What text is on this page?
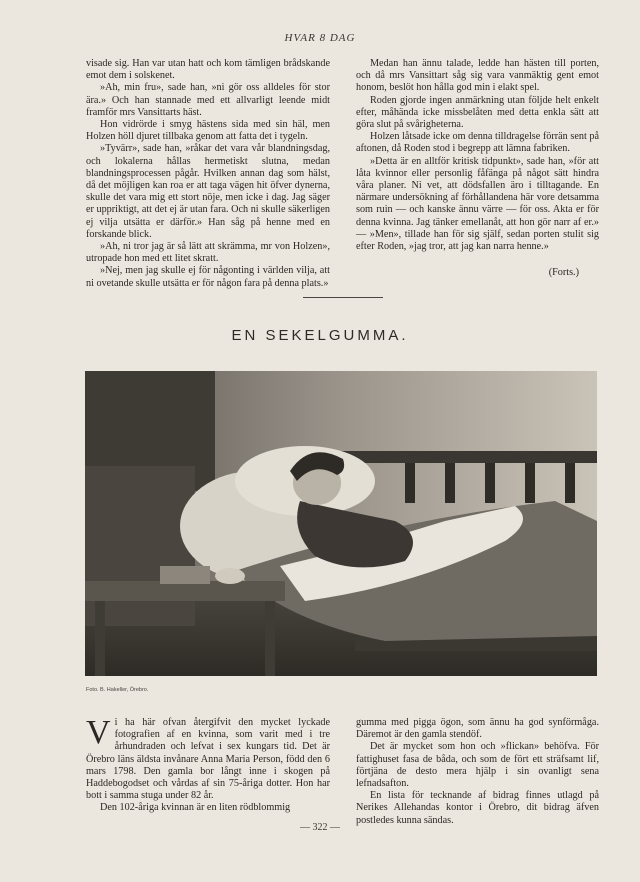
HVAR 8 DAG

visade sig. Han var utan hatt och kom tämligen brådskande emot dem i solskenet.

»Ah, min fru», sade han, »ni gör oss alldeles för stor ära.» Och han stannade med ett allvarligt leende midt framför mrs Vansittarts häst.

Hon vidrörde i smyg hästens sida med sin häl, men Holzen höll djuret tillbaka genom att fatta det i tygeln.

»Tyvärr», sade han, »råkar det vara vår blandningsdag, och lokalerna hållas hermetiskt slutna, medan blandningsprocessen pågår. Hvilken annan dag som hälst, då det möjligen kan roa er att taga vägen hit öfver dynerna, skulle det vara mig ett stort nöje, men icke i dag. Jag säger er uppriktigt, att det ej är utan fara. Och ni skulle säkerligen ej vilja utsätta er därför.» Han såg på henne med en forskande blick.

»Ah, ni tror jag är så lätt att skrämma, mr von Holzen», utropade hon med ett litet skratt.

»Nej, men jag skulle ej för någonting i världen vilja, att ni ovetande skulle utsätta er för någon fara på denna plats.»

Medan han ännu talade, ledde han hästen till porten, och då mrs Vansittart såg sig vara vanmäktig gent emot honom, beslöt hon hålla god min i elakt spel.

Roden gjorde ingen anmärkning utan följde helt enkelt efter, måhända icke missbelåten med detta enkla sätt att göra slut på svårigheterna.

Holzen låtsade icke om denna tilldragelse förrän sent på aftonen, då Roden stod i begrepp att lämna fabriken.

»Detta är en alltför kritisk tidpunkt», sade han, »för att låta kvinnor eller personlig fåfänga på något sätt hindra våra planer. Ni vet, att dödsfallen äro i tilltagande. En närmare undersökning af förhållandena här vore detsamma som ruin — och kanske ännu värre — för oss. Akta er för denna kvinna. Jag tänker emellanåt, att hon gör narr af er.» — »Men», tillade han för sig själf, sedan porten stulit sig efter Roden, »jag tror, att jag kan narra henne.»

(Forts.)

EN SEKELGUMMA.
Foto. B. Hakeller, Örebro.

Vi ha här ofvan återgifvit den mycket lyckade fotografien af en kvinna, som varit med i tre århundraden och lefvat i sex kungars tid. Det är Örebro läns äldsta invånare Anna Maria Person, född den 6 mars 1798. Den gamla bor långt inne i skogen på Haddebogodset och vårdas af sin 75-åriga dotter. Hon har bott i samma stuga under 82 år.

Den 102-åriga kvinnan är en liten rödblommig

gumma med pigga ögon, som ännu ha god synförmåga. Däremot är den gamla stendöf.

Det är mycket som hon och »flickan» behöfva. För fattighuset fasa de båda, och som de fört ett sträfsamt lif, förtjäna de desto mera hjälp i sin ovanligt sena lefnadsafton.

En lista för tecknande af bidrag finnes utlagd på Nerikes Allehandas kontor i Örebro, dit bidrag äfven postledes kunna sändas.

— 322 —
